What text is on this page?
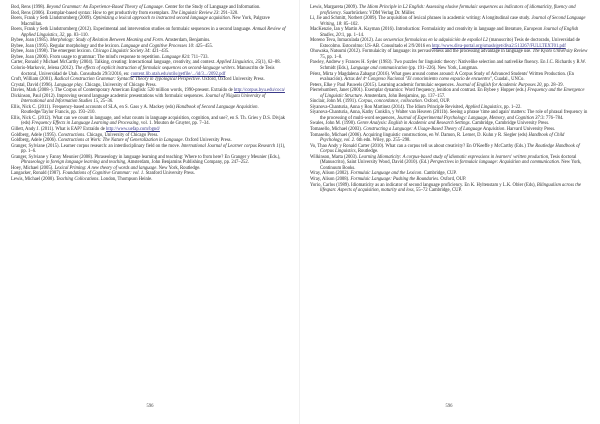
Bod, Rens (1998). Beyond Grammar: An Experience-Based Theory of Language. Center for the Study of Language and Information.
Bod, Rens (2006). Exemplar-based syntax: How to get productivity from exemplars. The Linguistic Review 23: 291–320.
Boers, Frank y Seth Lindstromberg (2009). Optimizing a lexical approach to instructed second language acquisition. New York, Palgrave Macmillan.
Boers, Frank y Seth Lindstromberg (2012). Experimental and intervention studies on formulaic sequences in a second language. Annual Review of Applied Linguistics, 32, pp. 83–110.
Bybee, Joan (1985). Morphology: Study of Relation Between Meaning and Form. Amsterdam, Benjamins.
Bybee, Joan (1995). Regular morphology and the lexicon. Language and Cognitive Processes 10: 425–455.
Bybee, Joan (1998). The emergent lexicon. Chicago Linguistic Society 34: 421–435.
Bybee, Joan (2006). From usage to grammar: The mind's response to repetition. Language 824: 711–733.
Carter, Ronald y Michael McCarthy (2004). Talking, creating: Interactional language, creativity, and context. Applied Linguistics, 25(1), 62–88.
Colorio-Markovic, Jelena (2012). The effects of explicit instruction of formulaic sequences on second-language writers. Manuscrito de Tesis doctoral, Universidad de Utah. Consultado 29/3/2016, en: content.lib.utah.edu/utils/getfile/.../id/3.../2092.pdf
Croft, William (2001). Radical Construction Grammar: Syntactic Theory in Typological Perspective. Oxford, Oxford University Press.
Crystal, David (1996). Language play. Chicago, University of Chicago Press.
Davies, Mark (2008–). The Corpus of Contemporary American English: 520 million words, 1990-present. Extraído de http://corpus.byu.edu/coca/
Dickinson, Paul (2012). Improving second language academic presentations with formulaic sequences. Journal of Niigata University of International and Information Studies 15, 25–36.
Ellis, Nick C. (2011). Frequency-based accounts of SLA, en S. Gass y A. Mackey (eds) Handbook of Second Language Acquisition. Routledge/Taylor Francis, pp. 193–210.
Ellis, Nick C. (2012). What can we count in language, and what counts in language acquisition, cognition, and use?, en S. Th. Gries y D.S. Divjak (eds) Frequency Effects in Language Learning and Processing, vol. 1. Mouton de Gruyter, pp. 7–34.
Gillett, Andy J. (2011). What is EAP? Extraído de http://www.uefap.com/bgnd/
Goldberg, Adele (1995). Constructions. Chicago, University of Chicago Press.
Goldberg, Adele (2006). Constructions at Work: The Nature of Generalization in Language. Oxford University Press.
Granger, Sylviane (2015). Learner corpus research: an interdisciplinary field on the move. International Journal of Learner corpus Research 1(1), pp. 1–6.
Granger, Sylviane y Fanny Meunier (2008). Phraseology in language learning and teaching: Where to from here? En Granger y Meunier (Eds.), Phraseology in foreign language learning and teaching, Amsterdam, John Benjamins Publishing Company, pp. 247–252.
Hoey, Michael (2005). Lexical Priming: A new theory of words and language. New York, Routledge.
Langacker, Ronald (1987). Foundations of Cognitive Grammar: vol. 1. Stanford University Press.
Lewis, Michael (2000). Teaching Collocations. London, Thompson Heinle.
596
Lewis, Margareta (2009). The Idiom Principle in L2 English: Assessing elusive formulaic sequences as indicators of idiomaticity, fluency and proficiency. Saarbrücken: VDM Verlag Dr. Müller.
Li, Jie and Schmitt, Norbert (2009). The acquisition of lexical phrases in academic writing: A longitudinal case study. Journal of Second Language Writing, 18: 85–102.
MacKenzie, Ian y Martin A. Kayman (2016). Introduction: Formulaicity and creativity in language and literature, European Journal of English Studies, 20:1, pp. 1–14.
Moreno Teva, Inmaculada (2012). Las secuencias formulaicas en la adquisición de español L2 (manuscrito) Tesis de doctorado, Universidad de Estocolmo. Estocolmo: US-AB. Consultado el 2/9/2016 en http://www.diva-portal.org/smash/get/diva2:513267/FULLTEXT01.pdf
Ohuwaka, Natsumi (2012). Formulaicity of language: its pervasiveness and the processing advantage in language use. The Kyoto University Review 75, pp. 1–8.
Pawley, Andrew y Frances H. Syder (1983). Two puzzles for linguistic theory: Nativelike selection and nativelike fluency. En J.C. Richards y R.W. Schmidt (Eds.), Language and communication (pp. 191–226). New York, Longman.
Pérez, Mirta y Magdalena Zabagut (2016). What goes around comes around: A Corpus Study of Advanced Students' Written Production. (En evaluación). Actas del 4º Congreso Nacional "El conocimiento como espacio de encuentro", Cuadal., UNCo.
Peters, Elke y Paul Pauwels (2015). Learning academic formulaic sequences. Journal of English for Academic Purposes 20, pp. 28–39.
Pierrehumbert, Janet (2001). Exemplar dynamics: Word frequency, lenition and contrast. En Bybee y Hopper (eds.) Frequency and the Emergence of Linguistic Structure. Amsterdam, John Benjamins, pp. 137–157.
Sinclair, John M. (1991). Corpus, concordance, collocation. Oxford, OUP.
Siyanova-Chanturia, Anna y Ron Martinez (2014). The Idiom Principle Revisited, Applied Linguistics, pp. 1–22.
Siyanova-Chanturia, Anna, Kathy Conklin, y Walter van Heuven (2011b). Seeing a phrase 'time and again' matters: The role of phrasal frequency in the processing of multi-word sequences, Journal of Experimental Psychology: Language, Memory, and Cognition 37:3: 776–784.
Swales, John M. (1990). Genre Analysis: English in Academic and Research Settings. Cambridge, Cambridge University Press.
Tomasello, Michael (2003). Constructing a Language: A Usage-Based Theory of Language Acquisition. Harvard University Press.
Tomasello, Michael (2006). Acquiring linguistic constructions, en W. Damon, R. Lerner, D. Kuhn y R. Siegler (eds) Handbook of Child Psychology, vol. 2. 6th edn. Wiley, pp. 255–298.
Vo, Thao Andy y Ronald Carter (2010). What can a corpus tell us about creativity? En O'Keeffe y McCarthy (Eds.) The Routledge Handbook of Corpus Linguistics, Routledge.
Wilkinson, Marta (2003). Learning Idiomaticity: A corpus-based study of idiomatic expressions in learners' written production, Tesis doctoral (Manuscrito), Saint University Wood, David (2010). (Ed.) Perspectives in formulaic language: Acquisition and communication. New York, Continuum Books.
Wray, Alison (2002). Formulaic Language and the Lexicon. Cambridge, CUP.
Wray, Alison (2008). Formulaic Language: Pushing the Boundaries. Oxford, OUP.
Yorio, Carlos (1989). Idiomaticity as an indicator of second language proficiency. En K. Hyltenstam y L.K. Obler (Eds), Bilingualism across the lifespan: Aspects of acquisition, maturity and loss, 55–72 Cambridge, CUP.
596
